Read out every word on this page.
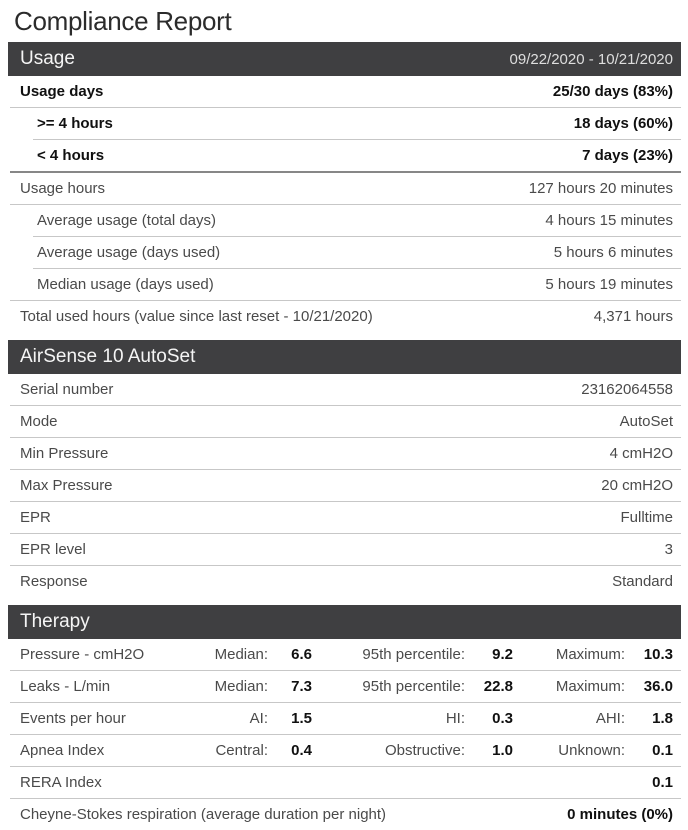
Compliance Report
Usage	09/22/2020 - 10/21/2020
Usage days	25/30 days (83%)
>= 4 hours	18 days (60%)
< 4 hours	7 days (23%)
Usage hours	127 hours 20 minutes
Average usage (total days)	4 hours 15 minutes
Average usage (days used)	5 hours 6 minutes
Median usage (days used)	5 hours 19 minutes
Total used hours (value since last reset - 10/21/2020)	4,371 hours
AirSense 10 AutoSet
Serial number	23162064558
Mode	AutoSet
Min Pressure	4 cmH2O
Max Pressure	20 cmH2O
EPR	Fulltime
EPR level	3
Response	Standard
Therapy
Pressure - cmH2O	Median:	6.6	95th percentile:	9.2	Maximum:	10.3
Leaks - L/min	Median:	7.3	95th percentile:	22.8	Maximum:	36.0
Events per hour	AI:	1.5	HI:	0.3	AHI:	1.8
Apnea Index	Central:	0.4	Obstructive:	1.0	Unknown:	0.1
RERA Index	0.1
Cheyne-Stokes respiration (average duration per night)	0 minutes (0%)
